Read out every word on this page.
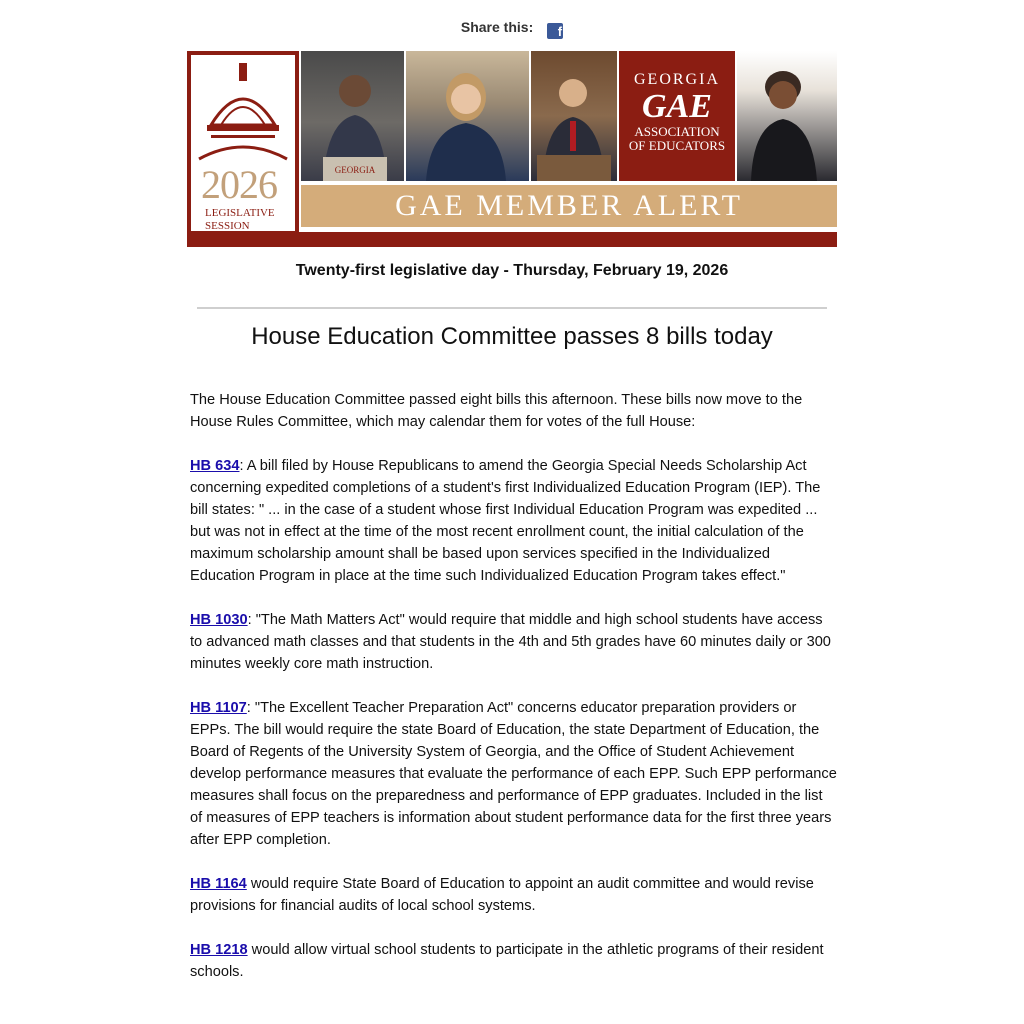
Share this: f
2026
LEGISLATIVE
SESSION
GEORGIA
GEORGIA
GAE
ASSOCIATION
OF EDUCATORS
GAE MEMBER ALERT
Twenty-first legislative day - Thursday, February 19, 2026
House Education Committee passes 8 bills today

The House Education Committee passed eight bills this afternoon. These bills now move to the House Rules Committee, which may calendar them for votes of the full House:

HB 634: A bill filed by House Republicans to amend the Georgia Special Needs Scholarship Act concerning expedited completions of a student's first Individualized Education Program (IEP). The bill states: " ... in the case of a student whose first Individual Education Program was expedited ... but was not in effect at the time of the most recent enrollment count, the initial calculation of the maximum scholarship amount shall be based upon services specified in the Individualized Education Program in place at the time such Individualized Education Program takes effect."

HB 1030: "The Math Matters Act" would require that middle and high school students have access to advanced math classes and that students in the 4th and 5th grades have 60 minutes daily or 300 minutes weekly core math instruction.

HB 1107: "The Excellent Teacher Preparation Act" concerns educator preparation providers or EPPs. The bill would require the state Board of Education, the state Department of Education, the Board of Regents of the University System of Georgia, and the Office of Student Achievement develop performance measures that evaluate the performance of each EPP. Such EPP performance measures shall focus on the preparedness and performance of EPP graduates. Included in the list of measures of EPP teachers is information about student performance data for the first three years after EPP completion.

HB 1164 would require State Board of Education to appoint an audit committee and would revise provisions for financial audits of local school systems.

HB 1218 would allow virtual school students to participate in the athletic programs of their resident schools.
